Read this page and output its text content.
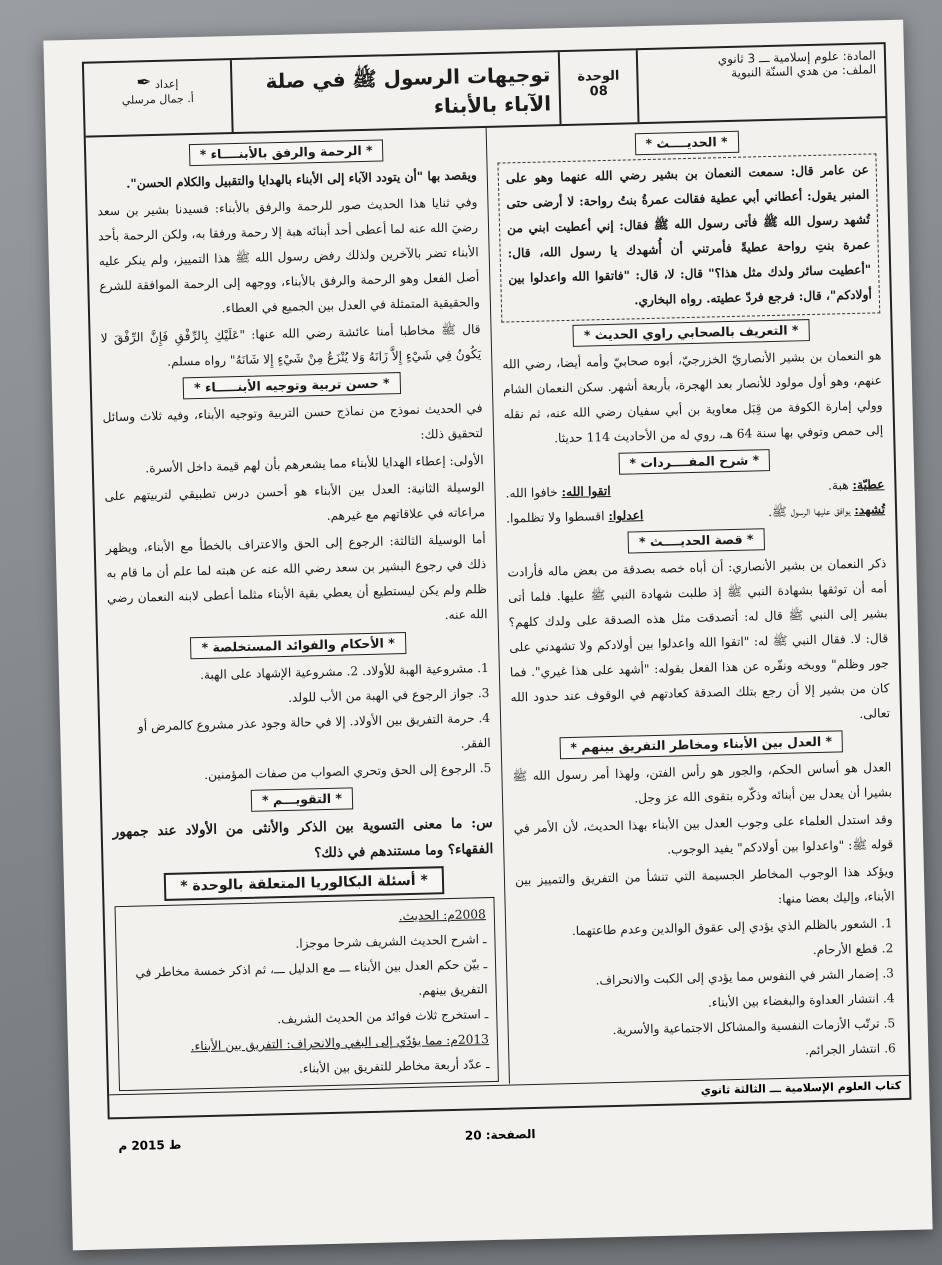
المادة: علوم إسلامية ـــ 3 ثانوي
الملف: من هدي السنّة النبوية
الوحدة 08
توجيهات الرسول ﷺ في صلة الآباء بالأبناء
إعداد ✒
أ. جمال مرسلي
* الحديــــث *

عن عامر قال: سمعت النعمان بن بشير رضي الله عنهما وهو على المنبر يقول: أعطاني أبي عطية فقالت عمرةُ بنتُ رواحة: لا أرضى حتى تُشهد رسول الله ﷺ فأتى رسول الله ﷺ فقال: إني أعطيت ابني من عمرة بنتِ رواحة عطيةً فأمرتني أن أُشهدك يا رسول الله، قال: "أعطيت سائر ولدك مثل هذا؟" قال: لا، قال: "فاتقوا الله واعدلوا بين أولادكم"، قال: فرجع فردّ عطيته. رواه البخاري.

* التعريف بالصحابي راوي الحديث *

هو النعمان بن بشير الأنصاريّ الخزرجيّ، أبوه صحابيّ وأمه أيضا، رضي الله عنهم، وهو أول مولود للأنصار بعد الهجرة، بأربعة أشهر. سكن النعمان الشام وولي إمارة الكوفة من قِبَل معاوية بن أبي سفيان رضي الله عنه، ثم نقله إلى حمص وتوفي بها سنة 64 هـ، روي له من الأحاديث 114 حديثا.

* شرح المفــــردات *
عطيّة: هبة.
اتقوا الله: خافوا الله.
تُشهد: يوافق عليها الرسول ﷺ.
اعدلوا: اقسطوا ولا تظلموا.
* قصة الحديــــث *

ذكر النعمان بن بشير الأنصاري: أن أباه خصه بصدقة من بعض ماله فأرادت أمه أن توثقها بشهادة النبي ﷺ إذ طلبت شهادة النبي ﷺ عليها. فلما أتى بشير إلى النبي ﷺ قال له: أتصدقت مثل هذه الصدقة على ولدك كلهم؟ قال: لا. فقال النبي ﷺ له: "اتقوا الله واعدلوا بين أولادكم ولا تشهدني على جور وظلم" ووبخه ونفّره عن هذا الفعل بقوله: "أشهد على هذا غيري". فما كان من بشير إلا أن رجع بتلك الصدقة كعادتهم في الوقوف عند حدود الله تعالى.

* العدل بين الأبناء ومخاطر التفريق بينهم *

العدل هو أساس الحكم، والجور هو رأس الفتن، ولهذا أمر رسول الله ﷺ بشيرا أن يعدل بين أبنائه وذكّره بتقوى الله عز وجل.

وقد استدل العلماء على وجوب العدل بين الأبناء بهذا الحديث، لأن الأمر في قوله ﷺ: "واعدلوا بين أولادكم" يفيد الوجوب.

ويؤكد هذا الوجوب المخاطر الجسيمة التي تنشأ من التفريق والتمييز بين الأبناء، وإليك بعضا منها:

1. الشعور بالظلم الذي يؤدي إلى عقوق الوالدين وعدم طاعتهما.
2. قطع الأرحام.
3. إضمار الشر في النفوس مما يؤدي إلى الكبت والانحراف.
4. انتشار العداوة والبغضاء بين الأبناء.
5. ترتّب الأزمات النفسية والمشاكل الاجتماعية والأسرية.
6. انتشار الجرائم.
* الرحمة والرفق بالأبنــــاء *

ويقصد بها "أن يتودد الآباء إلى الأبناء بالهدايا والتقبيل والكلام الحسن".

وفي ثنايا هذا الحديث صور للرحمة والرفق بالأبناء: فسيدنا بشير بن سعد رضيَ الله عنه لما أعطى أحد أبنائه هبة إلا رحمة ورفقا به، ولكن الرحمة بأحد الأبناء تضر بالآخرين ولذلك رفض رسول الله ﷺ هذا التمييز، ولم ينكر عليه أصل الفعل وهو الرحمة والرفق بالأبناء، ووجهه إلى الرحمة الموافقة للشرع والحقيقية المتمثلة في العدل بين الجميع في العطاء.

قال ﷺ مخاطبا أمنا عائشة رضي الله عنها: "عَلَيْكِ بِالرِّفْقِ فَإِنَّ الرِّفْقَ لا يَكُونُ فِي شَيْءٍ إِلاَّ زَانَهُ وَلا يُنْزَعُ مِنْ شَيْءٍ إِلا شَانَهُ" رواه مسلم.

* حسن تربية وتوجيه الأبنـــــاء *

في الحديث نموذج من نماذج حسن التربية وتوجيه الأبناء، وفيه ثلاث وسائل لتحقيق ذلك:

الأولى: إعطاء الهدايا للأبناء مما يشعرهم بأن لهم قيمة داخل الأسرة.

الوسيلة الثانية: العدل بين الأبناء هو أحسن درس تطبيقي لتربيتهم على مراعاته في علاقاتهم مع غيرهم.

أما الوسيلة الثالثة: الرجوع إلى الحق والاعتراف بالخطأ مع الأبناء، ويظهر ذلك في رجوع البشير بن سعد رضي الله عنه عن هبته لما علم أن ما قام به ظلم ولم يكن ليستطيع أن يعطي بقية الأبناء مثلما أعطى لابنه النعمان رضي الله عنه.

* الأحكام والفوائد المستخلصة *
1. مشروعية الهبة للأولاد. 2. مشروعية الإشهاد على الهبة.
3. جواز الرجوع في الهبة من الأب للولد.
4. حرمة التفريق بين الأولاد. إلا في حالة وجود عذر مشروع كالمرض أو الفقر.
5. الرجوع إلى الحق وتحري الصواب من صفات المؤمنين.
* التقويـــم *

س: ما معنى التسوية بين الذكر والأنثى من الأولاد عند جمهور الفقهاء؟ وما مستندهم في ذلك؟

* أسئلة البكالوريا المتعلقة بالوحدة *
2008م: الحديث.
ـ اشرح الحديث الشريف شرحا موجزا.
ـ بيّن حكم العدل بين الأبناء ـــ مع الدليل ـــ، ثم اذكر خمسة مخاطر في التفريق بينهم.
ـ استخرج ثلاث فوائد من الحديث الشريف.
2013م: مما يؤدّي إلى البغي والانحراف: التفريق بين الأبناء.
ـ عدّد أربعة مخاطر للتفريق بين الأبناء.
كتاب العلوم الإسلامية ـــ الثالثة ثانوي
الصفحة: 20
ط 2015 م
